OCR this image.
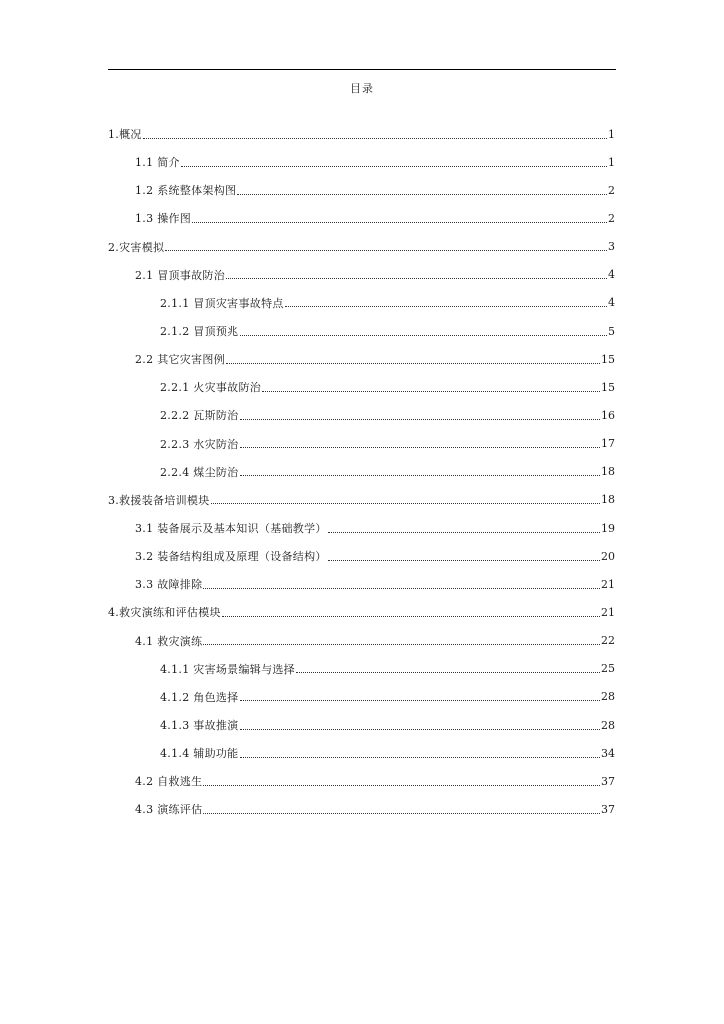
目录
1.概况	1
1.1 简介	1
1.2 系统整体架构图	2
1.3 操作图	2
2.灾害模拟	3
2.1 冒顶事故防治	4
2.1.1 冒顶灾害事故特点	4
2.1.2 冒顶预兆	5
2.2 其它灾害图例	15
2.2.1 火灾事故防治	15
2.2.2 瓦斯防治	16
2.2.3 水灾防治	17
2.2.4 煤尘防治	18
3.救援装备培训模块	18
3.1 装备展示及基本知识（基础教学）	19
3.2 装备结构组成及原理（设备结构）	20
3.3 故障排除	21
4.救灾演练和评估模块	21
4.1 救灾演练	22
4.1.1 灾害场景编辑与选择	25
4.1.2 角色选择	28
4.1.3 事故推演	28
4.1.4 辅助功能	34
4.2 自救逃生	37
4.3 演练评估	37
